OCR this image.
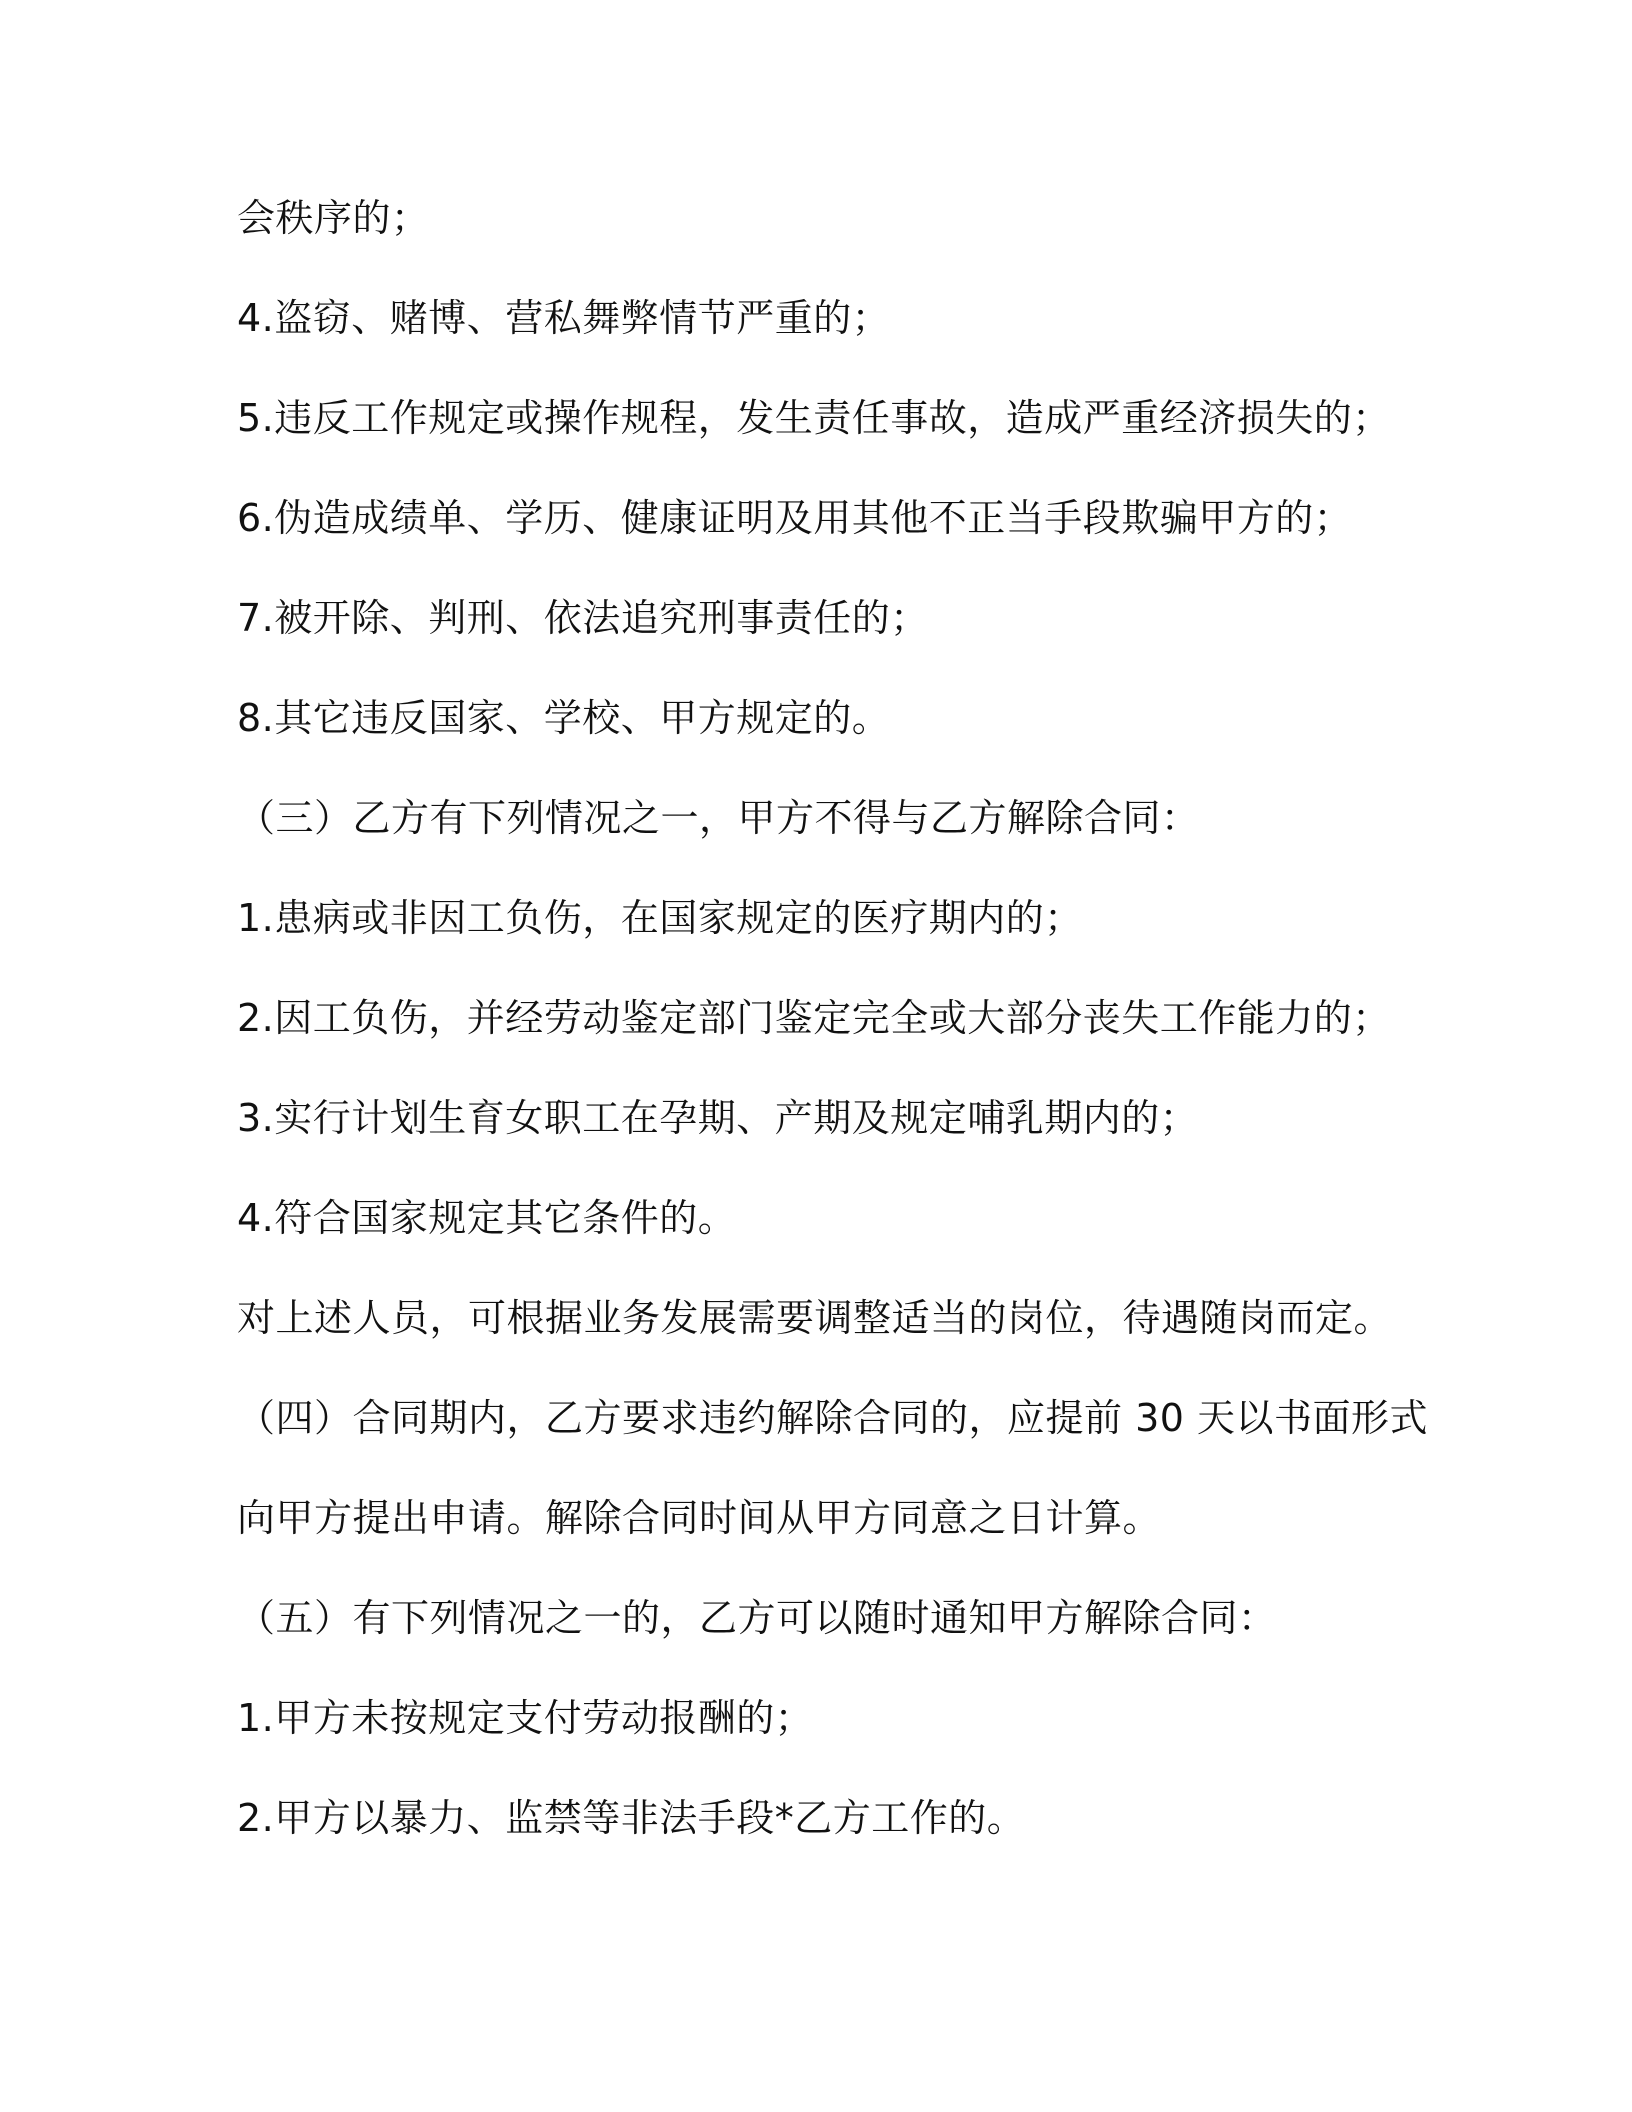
会秩序的；
4.盗窃、赌博、营私舞弊情节严重的；
5.违反工作规定或操作规程，发生责任事故，造成严重经济损失的；
6.伪造成绩单、学历、健康证明及用其他不正当手段欺骗甲方的；
7.被开除、判刑、依法追究刑事责任的；
8.其它违反国家、学校、甲方规定的。
（三）乙方有下列情况之一，甲方不得与乙方解除合同：
1.患病或非因工负伤，在国家规定的医疗期内的；
2.因工负伤，并经劳动鉴定部门鉴定完全或大部分丧失工作能力的；
3.实行计划生育女职工在孕期、产期及规定哺乳期内的；
4.符合国家规定其它条件的。
对上述人员，可根据业务发展需要调整适当的岗位，待遇随岗而定。
（四）合同期内，乙方要求违约解除合同的，应提前 30 天以书面形式
向甲方提出申请。解除合同时间从甲方同意之日计算。
（五）有下列情况之一的，乙方可以随时通知甲方解除合同：
1.甲方未按规定支付劳动报酬的；
2.甲方以暴力、监禁等非法手段*乙方工作的。
